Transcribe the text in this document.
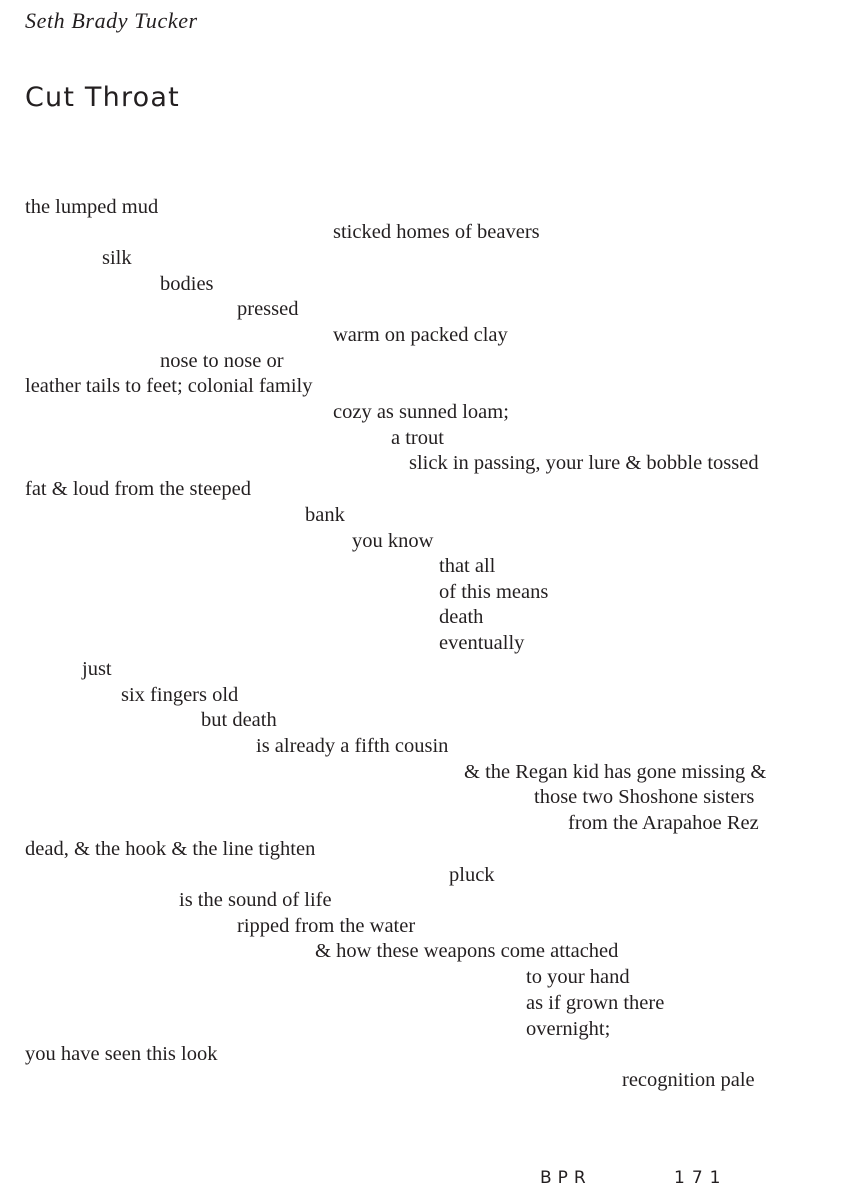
Seth Brady Tucker
Cut Throat

the lumped mud

sticked homes of beavers

silk

bodies

pressed

warm on packed clay

nose to nose or

leather tails to feet; colonial family

cozy as sunned loam;

a trout

slick in passing, your lure & bobble tossed

fat & loud from the steeped

bank

you know

that all

of this means

death

eventually

just

six fingers old

but death

is already a fifth cousin

& the Regan kid has gone missing &

those two Shoshone sisters

from the Arapahoe Rez

dead, & the hook & the line tighten

pluck

is the sound of life

ripped from the water

& how these weapons come attached

to your hand

as if grown there

overnight;

you have seen this look

recognition pale

BPR	171
